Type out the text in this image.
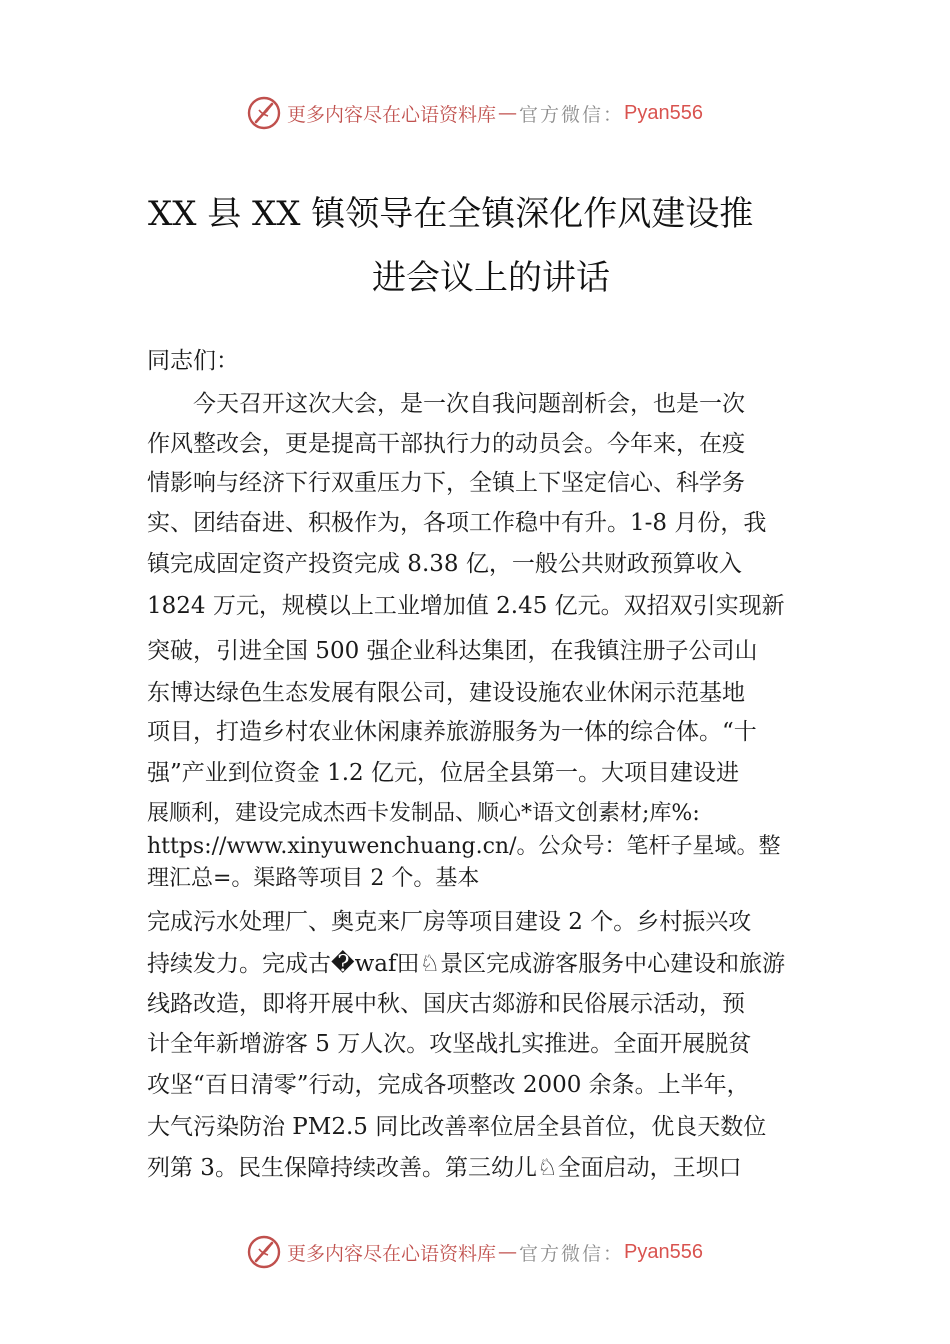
更多内容尽在心语资料库 — 官方微信： Pyan556
XX 县 XX 镇领导在全镇深化作风建设推
进会议上的讲话
同志们：
　　今天召开这次大会，是一次自我问题剖析会，也是一次
作风整改会，更是提高干部执行力的动员会。今年来，在疫
情影响与经济下行双重压力下，全镇上下坚定信心、科学务
实、团结奋进、积极作为，各项工作稳中有升。1-8 月份，我
镇完成固定资产投资完成 8.38 亿，一般公共财政预算收入
1824 万元，规模以上工业增加值 2.45 亿元。双招双引实现新
突破，引进全国 500 强企业科达集团，在我镇注册子公司山
东博达绿色生态发展有限公司，建设设施农业休闲示范基地
项目，打造乡村农业休闲康养旅游服务为一体的综合体。“十
强”产业到位资金 1.2 亿元，位居全县第一。大项目建设进
展顺利，建设完成杰西卡发制品、顺心*语文创素材;库%:
https://www.xinyuwenchuang.cn/。公众号：笔杆子星域。整
理汇总=。渠路等项目 2 个。基本
完成污水处理厂、奥克来厂房等项目建设 2 个。乡村振兴攻
持续发力。完成古�waf田♘景区完成游客服务中心建设和旅游
线路改造，即将开展中秋、国庆古郯游和民俗展示活动，预
计全年新增游客 5 万人次。攻坚战扎实推进。全面开展脱贫
攻坚“百日清零”行动，完成各项整改 2000 余条。上半年，
大气污染防治 PM2.5 同比改善率位居全县首位，优良天数位
列第 3。民生保障持续改善。第三幼儿♘全面启动，王坝口
更多内容尽在心语资料库 — 官方微信： Pyan556
